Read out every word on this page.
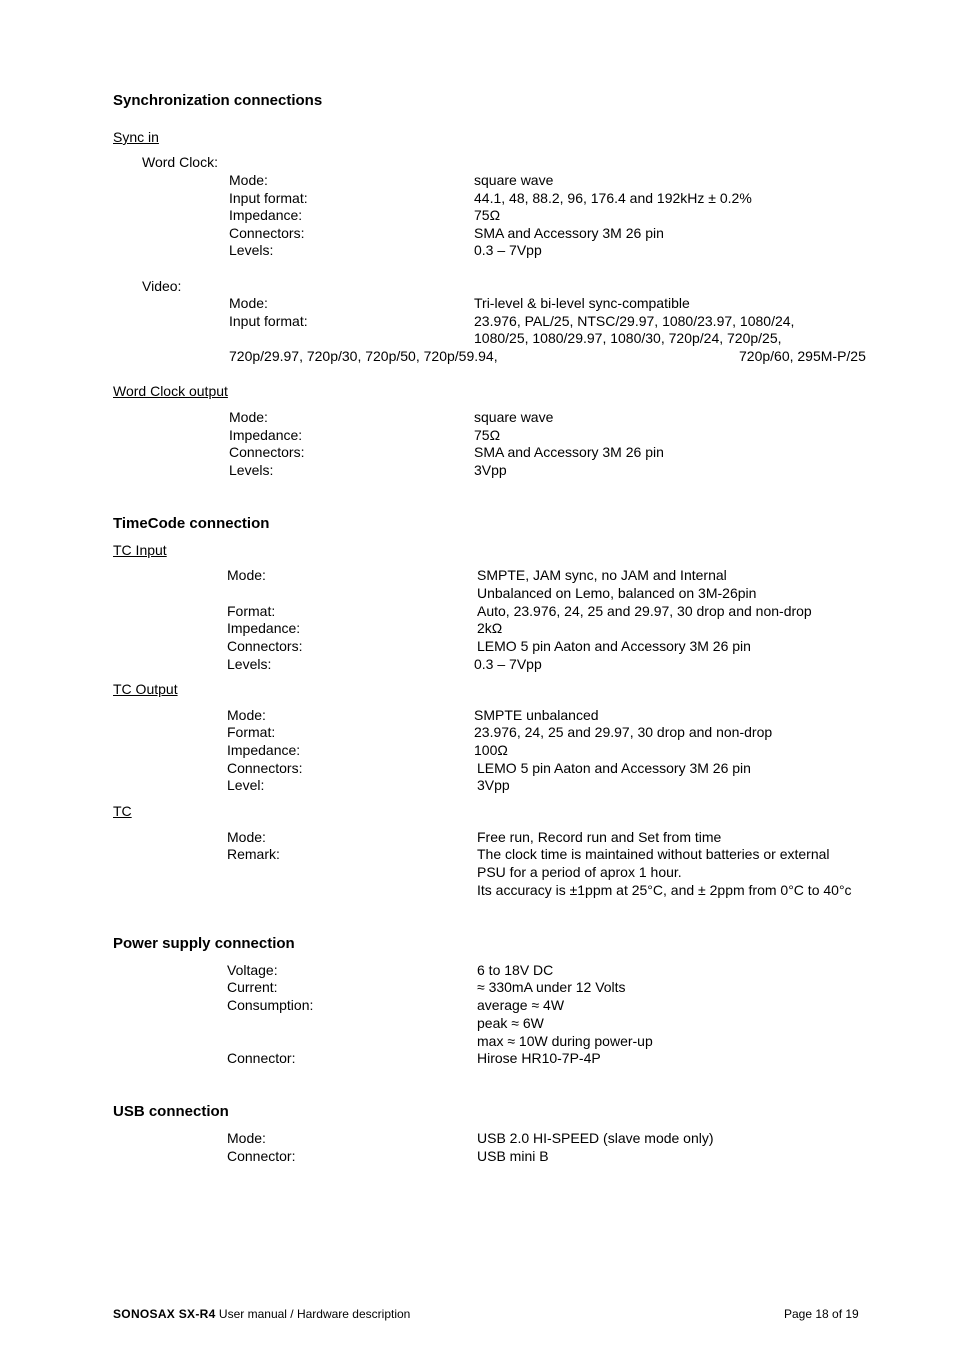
Synchronization connections
Sync in
Word Clock:
Mode:	square wave
Input format:	44.1, 48, 88.2, 96, 176.4 and 192kHz ± 0.2%
Impedance:	75Ω
Connectors:	SMA and Accessory 3M 26 pin
Levels:	0.3 – 7Vpp
Video:
Mode:	Tri-level & bi-level sync-compatible
Input format:	23.976, PAL/25, NTSC/29.97, 1080/23.97, 1080/24,
1080/25, 1080/29.97, 1080/30, 720p/24, 720p/25,
720p/29.97, 720p/30, 720p/50, 720p/59.94,	720p/60, 295M-P/25
Word Clock output
Mode:	square wave
Impedance:	75Ω
Connectors:	SMA and Accessory 3M 26 pin
Levels:	3Vpp
TimeCode connection
TC Input
Mode:	SMPTE, JAM sync, no JAM and Internal
Unbalanced on Lemo, balanced on 3M-26pin
Format:	Auto, 23.976, 24, 25 and 29.97, 30 drop and non-drop
Impedance:	2kΩ
Connectors:	LEMO 5 pin Aaton and Accessory 3M 26 pin
Levels:	0.3 – 7Vpp
TC Output
Mode:	SMPTE unbalanced
Format:	23.976, 24, 25 and 29.97, 30 drop and non-drop
Impedance:	100Ω
Connectors:	LEMO 5 pin Aaton and Accessory 3M 26 pin
Level:	3Vpp
TC
Mode:	Free run, Record run and Set from time
Remark:	The clock time is maintained without batteries or external
PSU for a period of aprox 1 hour.
Its accuracy is ±1ppm at 25°C, and ± 2ppm from 0°C to 40°c
Power supply connection
Voltage:	6 to 18V DC
Current:	≈ 330mA under 12 Volts
Consumption:	average ≈ 4W
peak ≈ 6W
max ≈ 10W during power-up
Connector:	Hirose HR10-7P-4P
USB connection
Mode:	USB 2.0 HI-SPEED (slave mode only)
Connector:	USB mini B
SONOSAX SX-R4 User manual / Hardware description	Page 18 of 19
